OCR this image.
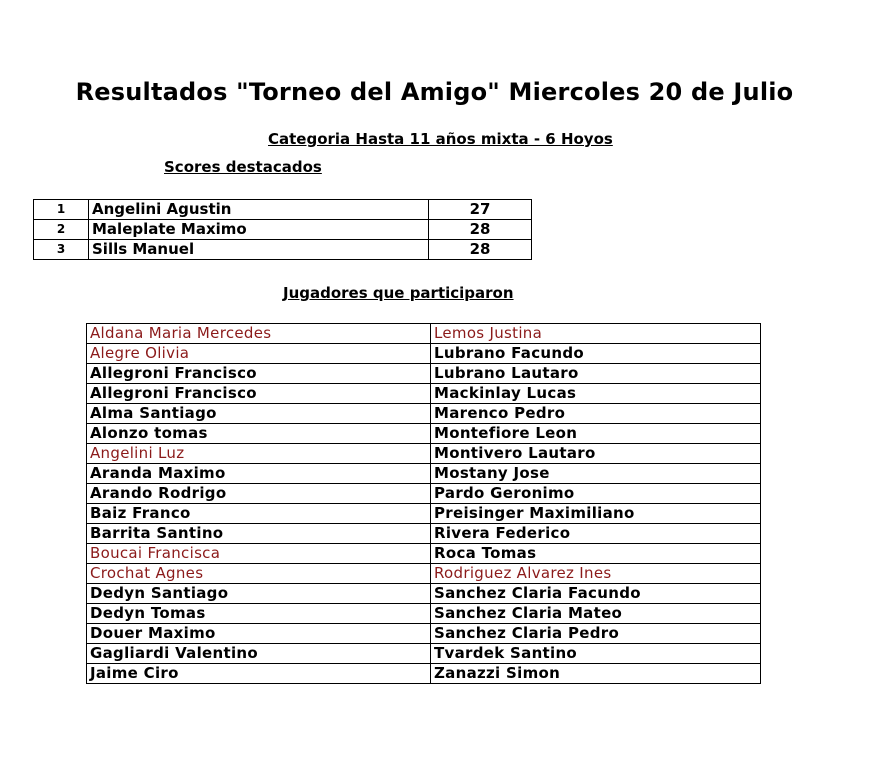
Resultados "Torneo del Amigo" Miercoles 20 de Julio
Categoria Hasta 11 años mixta - 6 Hoyos
Scores destacados
1	Angelini Agustin	27
2	Maleplate Maximo	28
3	Sills Manuel	28
Jugadores que participaron
Aldana Maria Mercedes	Lemos Justina
Alegre Olivia	Lubrano Facundo
Allegroni Francisco	Lubrano Lautaro
Allegroni Francisco	Mackinlay Lucas
Alma Santiago	Marenco Pedro
Alonzo tomas	Montefiore Leon
Angelini Luz	Montivero Lautaro
Aranda Maximo	Mostany Jose
Arando Rodrigo	Pardo Geronimo
Baiz Franco	Preisinger Maximiliano
Barrita Santino	Rivera Federico
Boucai Francisca	Roca Tomas
Crochat Agnes	Rodriguez Alvarez Ines
Dedyn Santiago	Sanchez Claria Facundo
Dedyn Tomas	Sanchez Claria Mateo
Douer Maximo	Sanchez Claria Pedro
Gagliardi Valentino	Tvardek Santino
Jaime Ciro	Zanazzi Simon
